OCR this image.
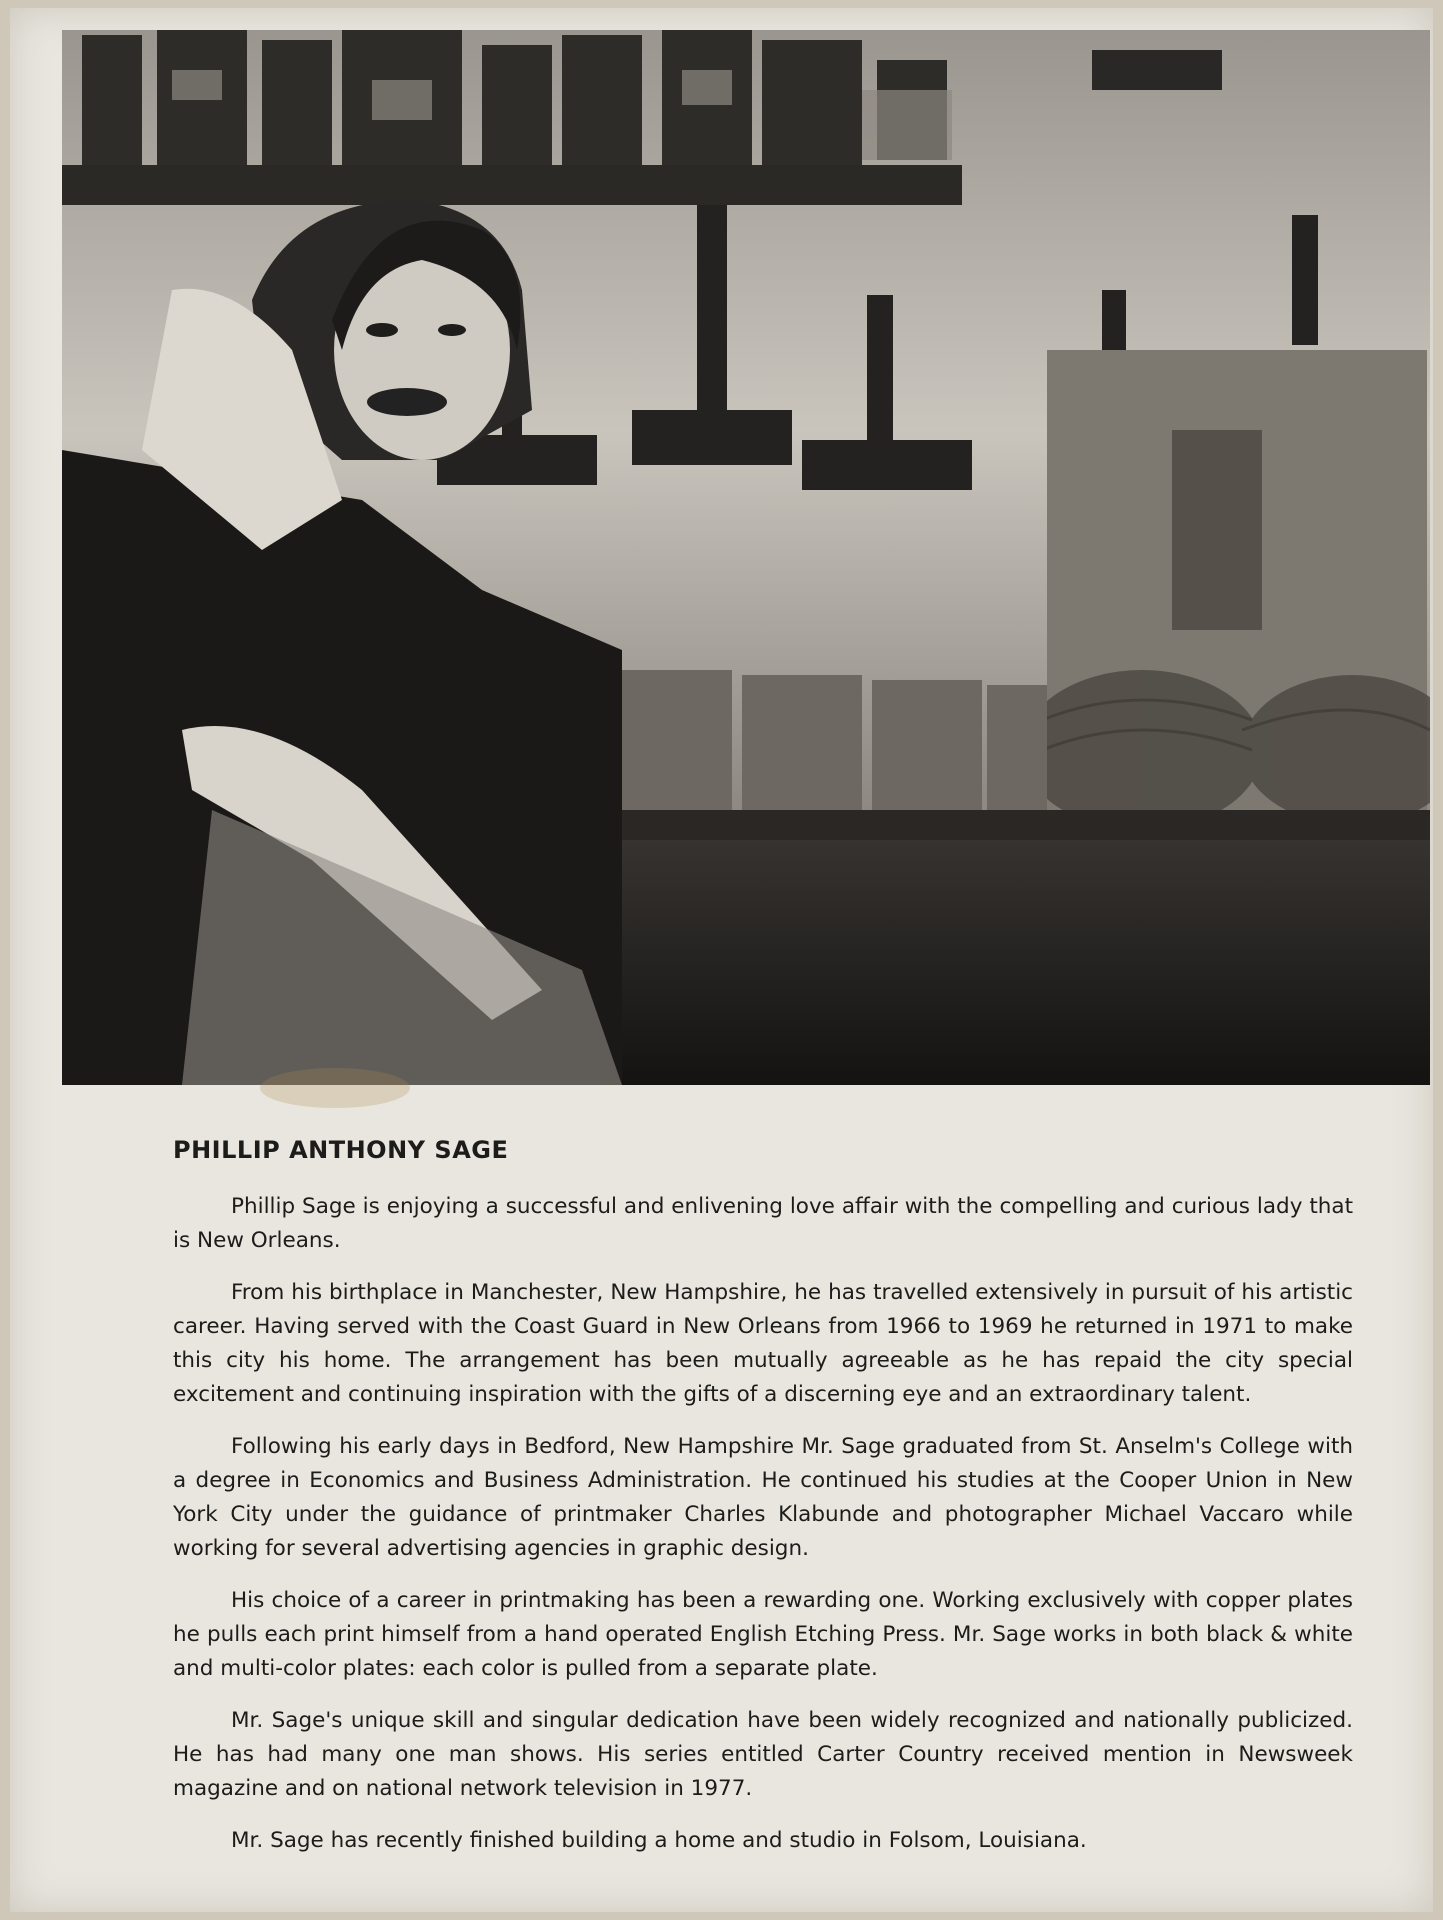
PHILLIP ANTHONY SAGE

Phillip Sage is enjoying a successful and enlivening love affair with the compelling and curious lady that is New Orleans.

From his birthplace in Manchester, New Hampshire, he has travelled extensively in pursuit of his artistic career. Having served with the Coast Guard in New Orleans from 1966 to 1969 he returned in 1971 to make this city his home. The arrangement has been mutually agreeable as he has repaid the city special excitement and continuing inspiration with the gifts of a discerning eye and an extraordinary talent.

Following his early days in Bedford, New Hampshire Mr. Sage graduated from St. Anselm's College with a degree in Economics and Business Administration. He continued his studies at the Cooper Union in New York City under the guidance of printmaker Charles Klabunde and photographer Michael Vaccaro while working for several advertising agencies in graphic design.

His choice of a career in printmaking has been a rewarding one. Working exclusively with copper plates he pulls each print himself from a hand operated English Etching Press. Mr. Sage works in both black & white and multi-color plates: each color is pulled from a separate plate.

Mr. Sage's unique skill and singular dedication have been widely recognized and nationally publicized. He has had many one man shows. His series entitled Carter Country received mention in Newsweek magazine and on national network television in 1977.

Mr. Sage has recently finished building a home and studio in Folsom, Louisiana.
